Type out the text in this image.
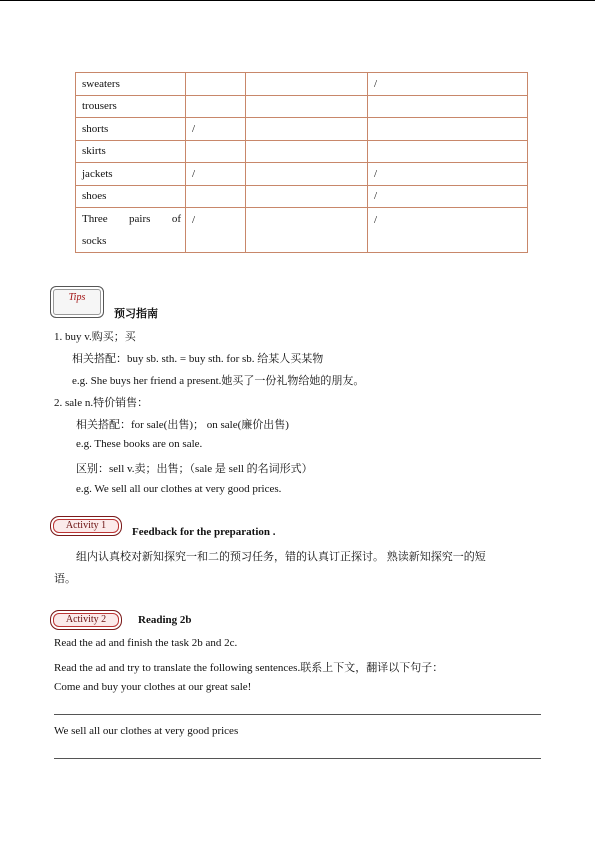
sweaters			/
trousers			
shorts	/		
skirts			
jackets	/		/
shoes			/

Three pairs of
socks	/		/
Tips
预习指南
1. buy v.购买；买
相关搭配：buy sb. sth. = buy sth. for sb. 给某人买某物
e.g. She buys her friend a present.她买了一份礼物给她的朋友。
2. sale n.特价销售：
相关搭配：for sale(出售)； on sale(廉价出售)
e.g. These books are on sale.
区别：sell v.卖；出售；（sale 是 sell 的名词形式）
e.g. We sell all our clothes at very good prices.
Activity 1
Feedback for the preparation .
组内认真校对新知探究一和二的预习任务，错的认真订正探讨。 熟读新知探究一的短
语。
Activity 2	Reading 2b
Read the ad and finish the task 2b and 2c.
Read the ad and try to translate the following sentences.联系上下文，翻译以下句子：
Come and buy your clothes at our great sale!
We sell all our clothes at very good prices
